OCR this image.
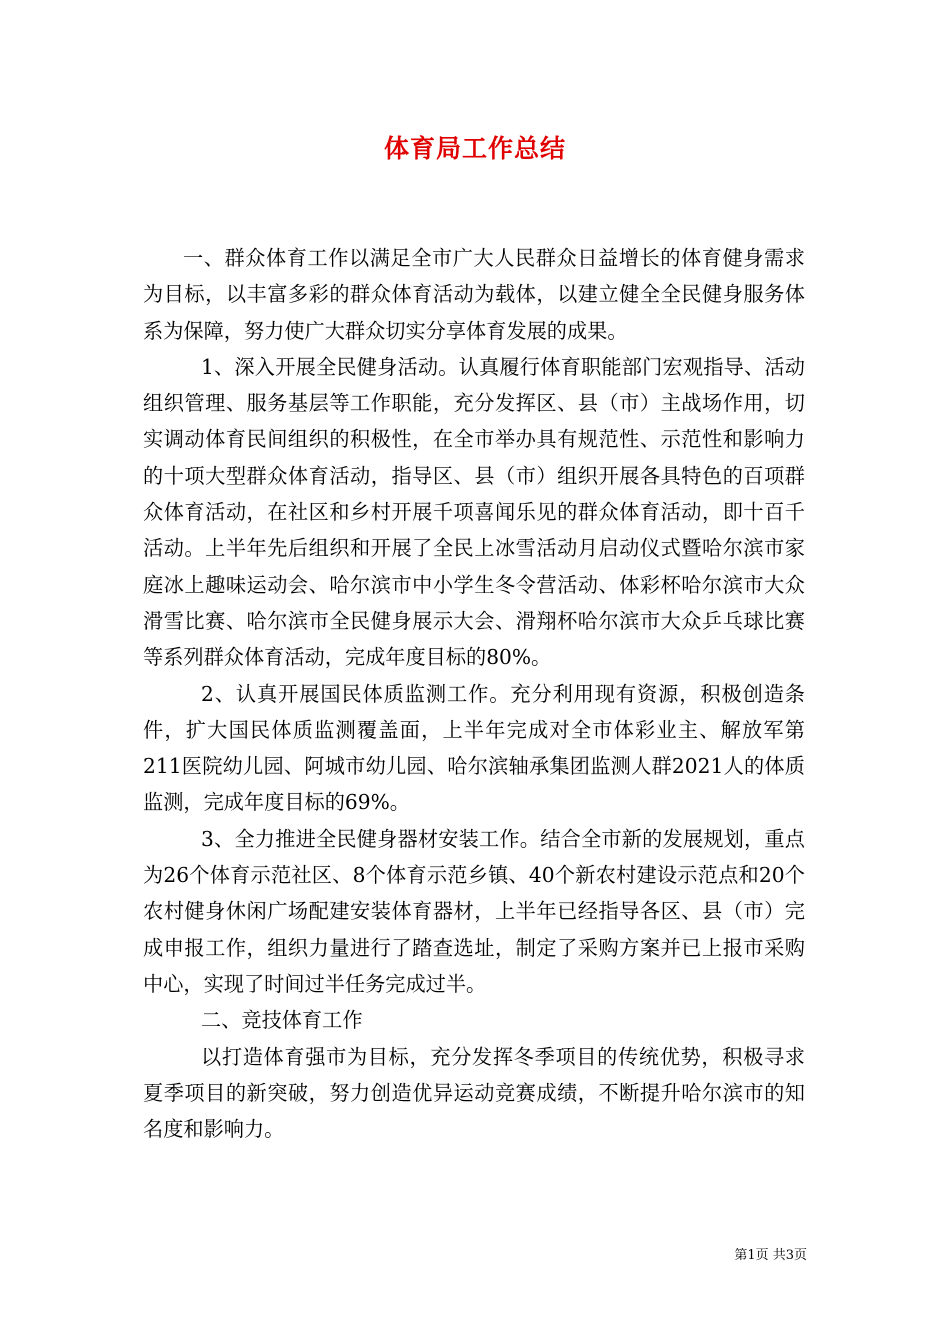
体育局工作总结

一、群众体育工作以满足全市广大人民群众日益增长的体育健身需求为目标，以丰富多彩的群众体育活动为载体，以建立健全全民健身服务体系为保障，努力使广大群众切实分享体育发展的成果。

1、深入开展全民健身活动。认真履行体育职能部门宏观指导、活动组织管理、服务基层等工作职能，充分发挥区、县（市）主战场作用，切实调动体育民间组织的积极性，在全市举办具有规范性、示范性和影响力的十项大型群众体育活动，指导区、县（市）组织开展各具特色的百项群众体育活动，在社区和乡村开展千项喜闻乐见的群众体育活动，即十百千活动。上半年先后组织和开展了全民上冰雪活动月启动仪式暨哈尔滨市家庭冰上趣味运动会、哈尔滨市中小学生冬令营活动、体彩杯哈尔滨市大众滑雪比赛、哈尔滨市全民健身展示大会、滑翔杯哈尔滨市大众乒乓球比赛等系列群众体育活动，完成年度目标的80%。

2、认真开展国民体质监测工作。充分利用现有资源，积极创造条件，扩大国民体质监测覆盖面，上半年完成对全市体彩业主、解放军第211医院幼儿园、阿城市幼儿园、哈尔滨轴承集团监测人群2021人的体质监测，完成年度目标的69%。

3、全力推进全民健身器材安装工作。结合全市新的发展规划，重点为26个体育示范社区、8个体育示范乡镇、40个新农村建设示范点和20个农村健身休闲广场配建安装体育器材，上半年已经指导各区、县（市）完成申报工作，组织力量进行了踏查选址，制定了采购方案并已上报市采购中心，实现了时间过半任务完成过半。

二、竞技体育工作

以打造体育强市为目标，充分发挥冬季项目的传统优势，积极寻求夏季项目的新突破，努力创造优异运动竞赛成绩，不断提升哈尔滨市的知名度和影响力。

第1页 共3页
